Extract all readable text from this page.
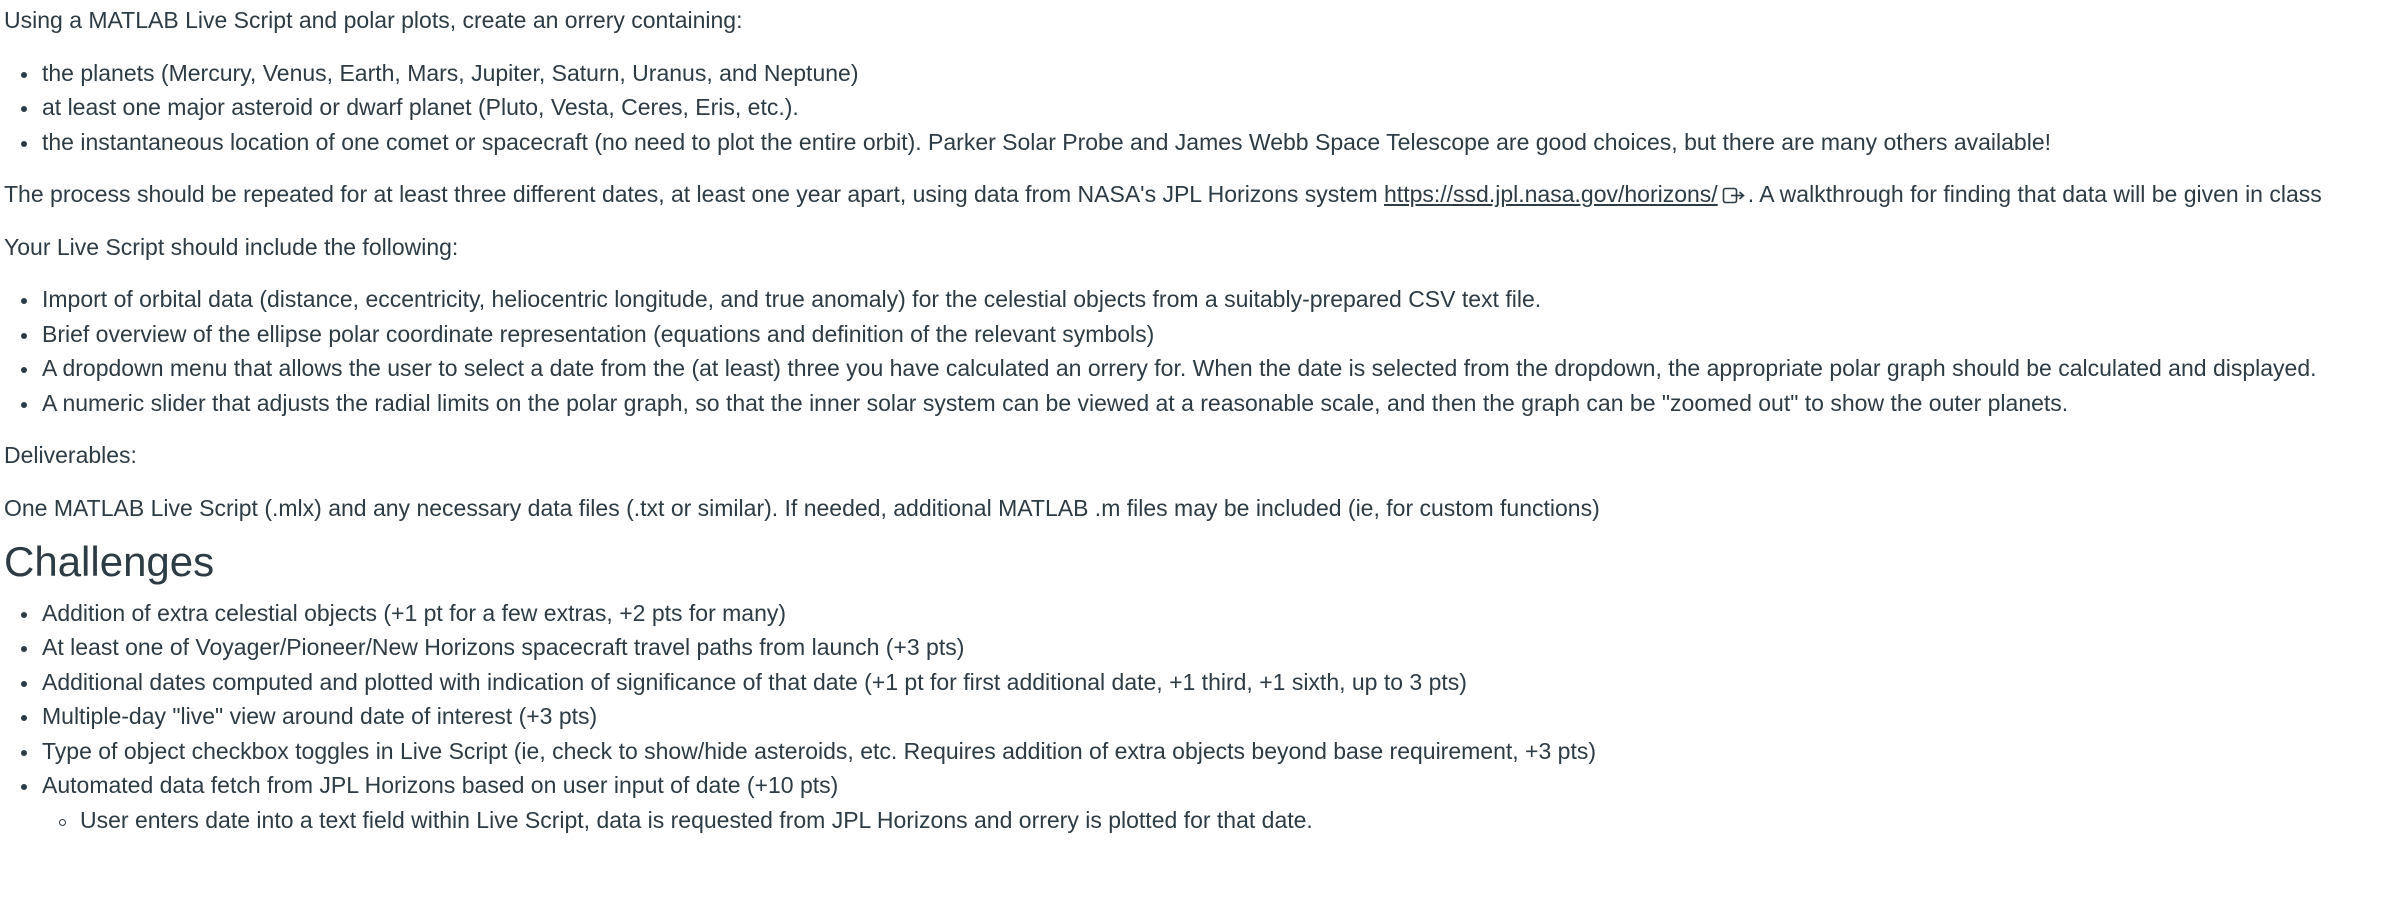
Using a MATLAB Live Script and polar plots, create an orrery containing:

the planets (Mercury, Venus, Earth, Mars, Jupiter, Saturn, Uranus, and Neptune)
at least one major asteroid or dwarf planet (Pluto, Vesta, Ceres, Eris, etc.).
the instantaneous location of one comet or spacecraft (no need to plot the entire orbit). Parker Solar Probe and James Webb Space Telescope are good choices, but there are many others available!

The process should be repeated for at least three different dates, at least one year apart, using data from NASA's JPL Horizons system https://ssd.jpl.nasa.gov/horizons/ . A walkthrough for finding that data will be given in class

Your Live Script should include the following:

Import of orbital data (distance, eccentricity, heliocentric longitude, and true anomaly) for the celestial objects from a suitably-prepared CSV text file.
Brief overview of the ellipse polar coordinate representation (equations and definition of the relevant symbols)
A dropdown menu that allows the user to select a date from the (at least) three you have calculated an orrery for. When the date is selected from the dropdown, the appropriate polar graph should be calculated and displayed.
A numeric slider that adjusts the radial limits on the polar graph, so that the inner solar system can be viewed at a reasonable scale, and then the graph can be "zoomed out" to show the outer planets.

Deliverables:

One MATLAB Live Script (.mlx) and any necessary data files (.txt or similar). If needed, additional MATLAB .m files may be included (ie, for custom functions)

Challenges
Addition of extra celestial objects (+1 pt for a few extras, +2 pts for many)
At least one of Voyager/Pioneer/New Horizons spacecraft travel paths from launch (+3 pts)
Additional dates computed and plotted with indication of significance of that date (+1 pt for first additional date, +1 third, +1 sixth, up to 3 pts)
Multiple-day "live" view around date of interest (+3 pts)
Type of object checkbox toggles in Live Script (ie, check to show/hide asteroids, etc. Requires addition of extra objects beyond base requirement, +3 pts)
Automated data fetch from JPL Horizons based on user input of date (+10 pts)
User enters date into a text field within Live Script, data is requested from JPL Horizons and orrery is plotted for that date.
